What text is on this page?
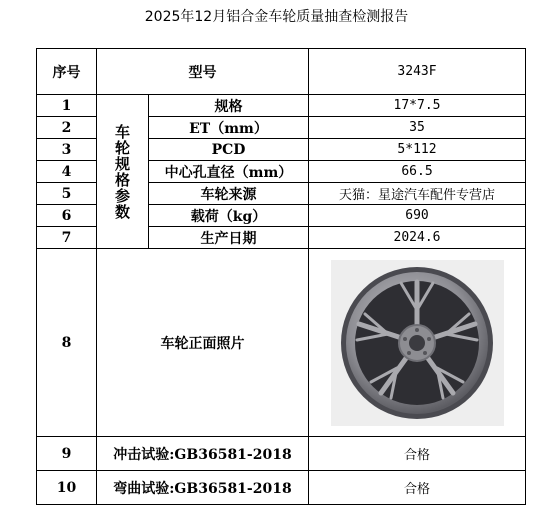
2025年12月铝合金车轮质量抽查检测报告
序号	型号		3243F
1	车轮规格参数	规格	17*7.5
2		ET（mm）	35
3		PCD	5*112
4		中心孔直径（mm）	66.5
5		车轮来源	天猫：星途汽车配件专营店
6		载荷（kg）	690
7		生产日期	2024.6
8	车轮正面照片	

9	冲击试验:GB36581-2018		合格
10	弯曲试验:GB36581-2018		合格
